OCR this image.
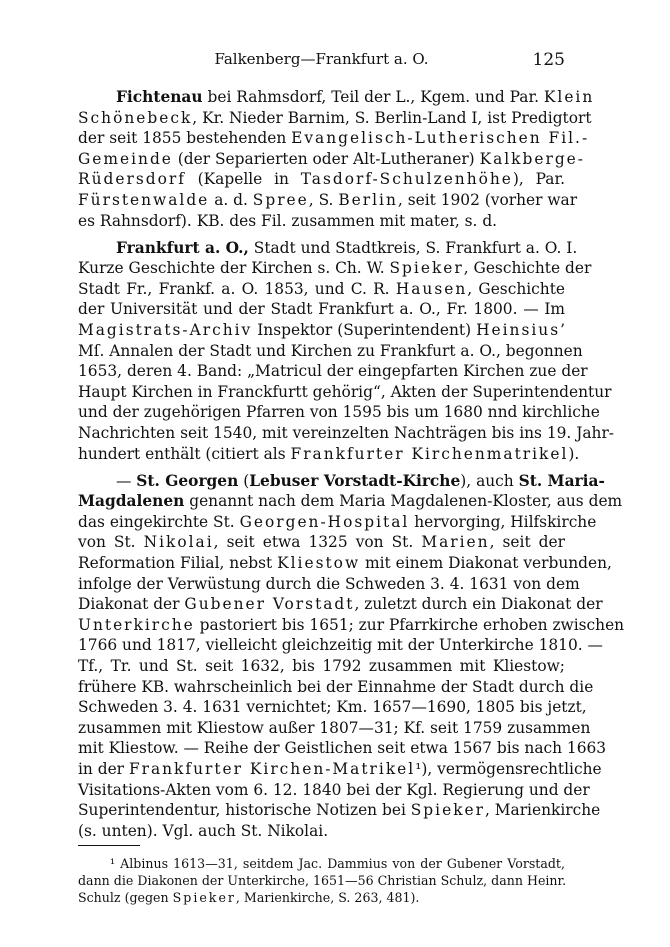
Falkenberg—Frankfurt a. O.	125
Fichtenau bei Rahmsdorf, Teil der L., Kgem. und Par. Klein
Schönebeck, Kr. Nieder Barnim, S. Berlin-Land I, ist Predigtort
der seit 1855 bestehenden Evangelisch-Lutherischen Fil.-
Gemeinde (der Separierten oder Alt-Lutheraner) Kalkberge-
Rüdersdorf (Kapelle in Tasdorf-Schulzenhöhe), Par.
Fürstenwalde a. d. Spree, S. Berlin, seit 1902 (vorher war
es Rahnsdorf). KB. des Fil. zusammen mit mater, s. d.
Frankfurt a. O., Stadt und Stadtkreis, S. Frankfurt a. O. I.
Kurze Geschichte der Kirchen s. Ch. W. Spieker, Geschichte der
Stadt Fr., Frankf. a. O. 1853, und C. R. Hausen, Geschichte
der Universität und der Stadt Frankfurt a. O., Fr. 1800. — Im
Magistrats-Archiv Inspektor (Superintendent) Heinsius’
Mſ. Annalen der Stadt und Kirchen zu Frankfurt a. O., begonnen
1653, deren 4. Band: „Matricul der eingepfarten Kirchen zue der
Haupt Kirchen in Franckfurtt gehörig“, Akten der Superintendentur
und der zugehörigen Pfarren von 1595 bis um 1680 nnd kirchliche
Nachrichten seit 1540, mit vereinzelten Nachträgen bis ins 19. Jahr-
hundert enthält (citiert als Frankfurter Kirchenmatrikel).
— St. Georgen (Lebuser Vorstadt-Kirche), auch St. Maria-
Magdalenen genannt nach dem Maria Magdalenen-Kloster, aus dem
das eingekirchte St. Georgen-Hospital hervorging, Hilfskirche
von St. Nikolai, seit etwa 1325 von St. Marien, seit der
Reformation Filial, nebst Kliestow mit einem Diakonat verbunden,
infolge der Verwüstung durch die Schweden 3. 4. 1631 von dem
Diakonat der Gubener Vorstadt, zuletzt durch ein Diakonat der
Unterkirche pastoriert bis 1651; zur Pfarrkirche erhoben zwischen
1766 und 1817, vielleicht gleichzeitig mit der Unterkirche 1810. —
Tf., Tr. und St. seit 1632, bis 1792 zusammen mit Kliestow;
frühere KB. wahrscheinlich bei der Einnahme der Stadt durch die
Schweden 3. 4. 1631 vernichtet; Km. 1657—1690, 1805 bis jetzt,
zusammen mit Kliestow außer 1807—31; Kf. seit 1759 zusammen
mit Kliestow. — Reihe der Geistlichen seit etwa 1567 bis nach 1663
in der Frankfurter Kirchen-Matrikel¹), vermögensrechtliche
Visitations-Akten vom 6. 12. 1840 bei der Kgl. Regierung und der
Superintendentur, historische Notizen bei Spieker, Marienkirche
(s. unten). Vgl. auch St. Nikolai.
¹ Albinus 1613—31, seitdem Jac. Dammius von der Gubener Vorstadt,
dann die Diakonen der Unterkirche, 1651—56 Christian Schulz, dann Heinr.
Schulz (gegen Spieker, Marienkirche, S. 263, 481).
